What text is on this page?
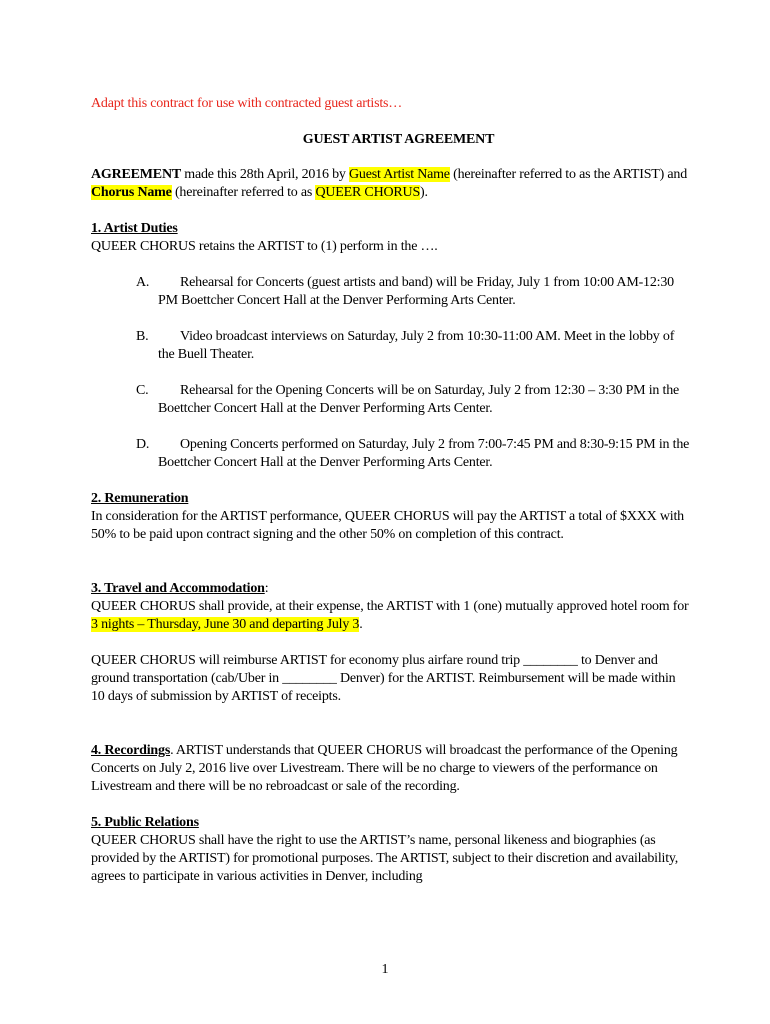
Adapt this contract for use with contracted guest artists…

GUEST ARTIST AGREEMENT

AGREEMENT made this 28th April, 2016 by Guest Artist Name (hereinafter referred to as the ARTIST) and Chorus Name (hereinafter referred to as QUEER CHORUS).

1. Artist Duties

QUEER CHORUS retains the ARTIST to (1) perform in the ….

A.	Rehearsal for Concerts (guest artists and band) will be Friday, July 1 from 10:00 AM-12:30 PM Boettcher Concert Hall at the Denver Performing Arts Center.
B.	Video broadcast interviews on Saturday, July 2 from 10:30-11:00 AM. Meet in the lobby of the Buell Theater.
C.	Rehearsal for the Opening Concerts will be on Saturday, July 2 from 12:30 – 3:30 PM in the Boettcher Concert Hall at the Denver Performing Arts Center.
D.	Opening Concerts performed on Saturday, July 2 from 7:00-7:45 PM and 8:30-9:15 PM in the Boettcher Concert Hall at the Denver Performing Arts Center.

2. Remuneration

In consideration for the ARTIST performance, QUEER CHORUS will pay the ARTIST a total of $XXX with 50% to be paid upon contract signing and the other 50% on completion of this contract.

3. Travel and Accommodation:

QUEER CHORUS shall provide, at their expense, the ARTIST with 1 (one) mutually approved hotel room for 3 nights – Thursday, June 30 and departing July 3.

QUEER CHORUS will reimburse ARTIST for economy plus airfare round trip ________ to Denver and ground transportation (cab/Uber in ________ Denver) for the ARTIST. Reimbursement will be made within 10 days of submission by ARTIST of receipts.

4. Recordings. ARTIST understands that QUEER CHORUS will broadcast the performance of the Opening Concerts on July 2, 2016 live over Livestream. There will be no charge to viewers of the performance on Livestream and there will be no rebroadcast or sale of the recording.

5. Public Relations

QUEER CHORUS shall have the right to use the ARTIST’s name, personal likeness and biographies (as provided by the ARTIST) for promotional purposes. The ARTIST, subject to their discretion and availability, agrees to participate in various activities in Denver, including

1
